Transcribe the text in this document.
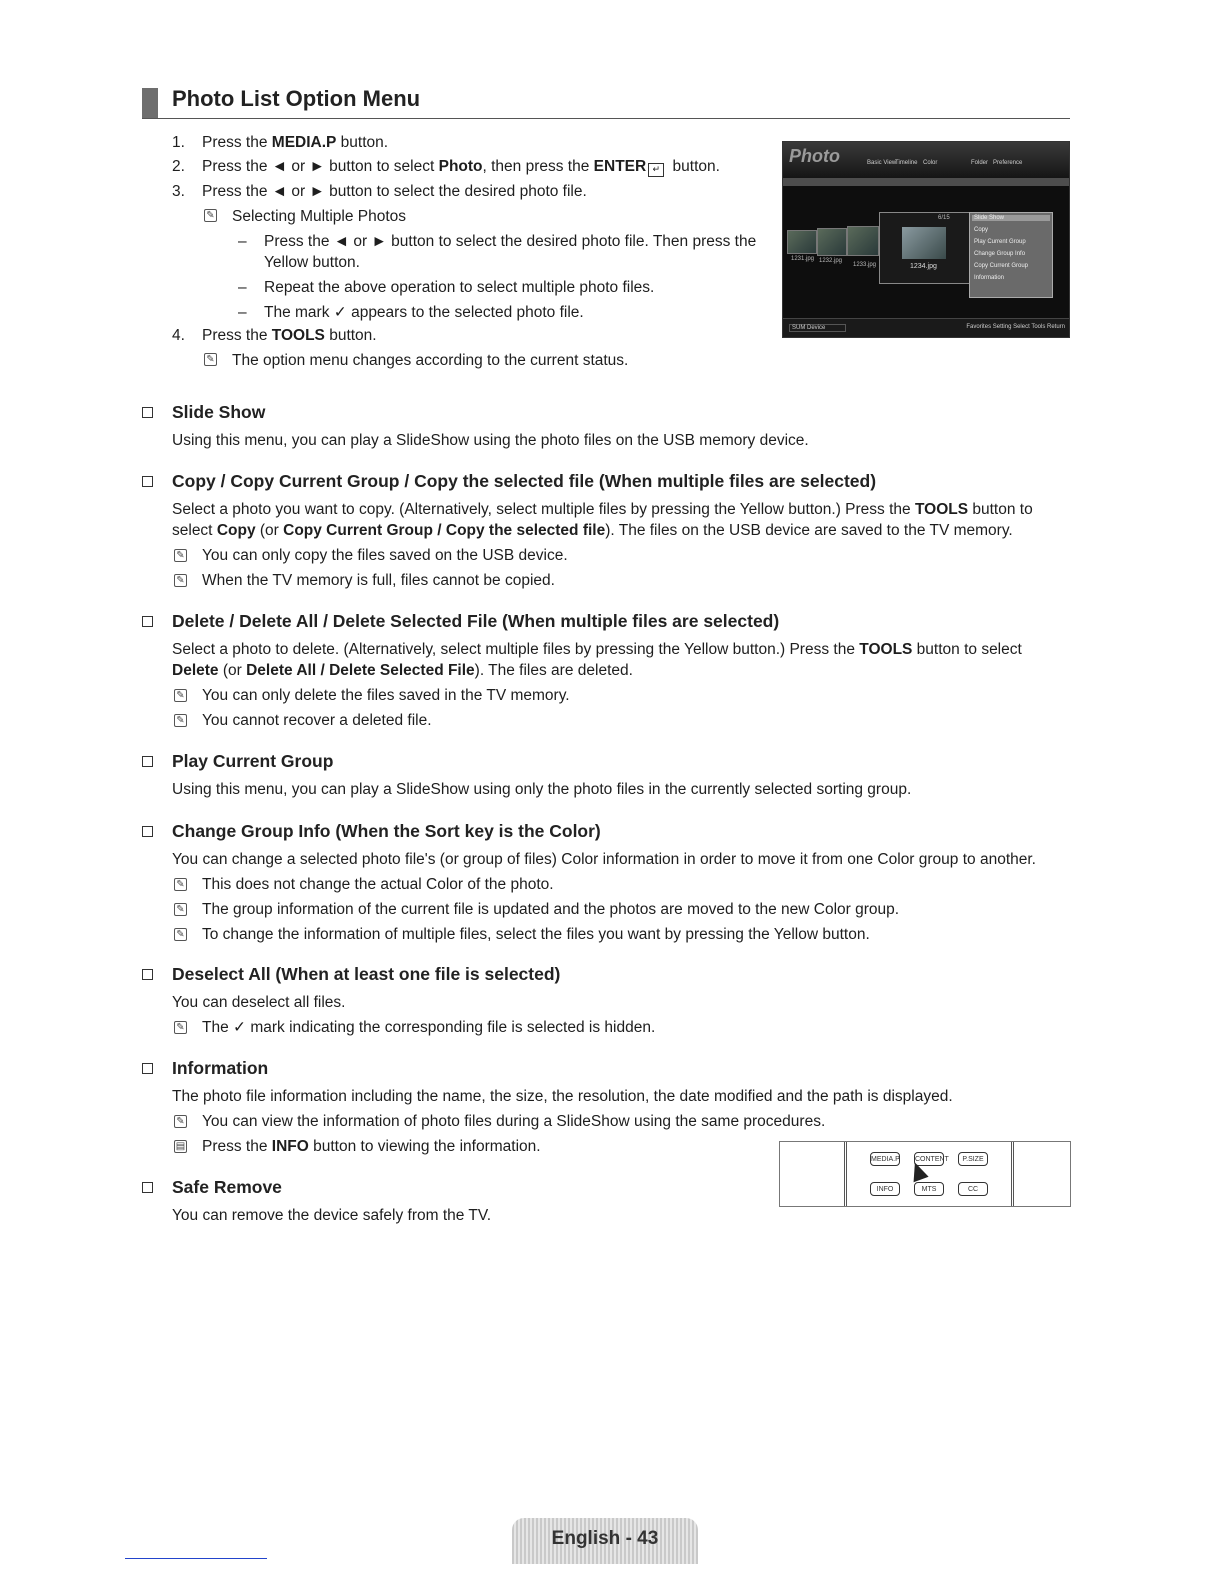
Photo List Option Menu
1.	Press the MEDIA.P button.
2.	Press the ◄ or ► button to select Photo, then press the ENTER ↵ button.
3.	Press the ◄ or ► button to select the desired photo file.
✎ Selecting Multiple Photos
– Press the ◄ or ► button to select the desired photo file. Then press the
Yellow button.
– Repeat the above operation to select multiple photo files.
– The mark ✓ appears to the selected photo file.
4.	Press the TOOLS button.
✎ The option menu changes according to the current status.
Photo	Basic View
Timeline Color	Folder Preference
1231.jpg 1232.jpg
1233.jpg
6/15
1234.jpg
Slide Show
Copy
Play Current Group
Change Group Info
Copy Current Group
Information
SUM Device	Favorites Setting Select Tools Return
Slide Show
Using this menu, you can play a SlideShow using the photo files on the USB memory device.
Copy / Copy Current Group / Copy the selected file (When multiple files are selected)
Select a photo you want to copy. (Alternatively, select multiple files by pressing the Yellow button.) Press the TOOLS button to
select Copy (or Copy Current Group / Copy the selected file). The files on the USB device are saved to the TV memory.
✎ You can only copy the files saved on the USB device.
✎ When the TV memory is full, files cannot be copied.
Delete / Delete All / Delete Selected File (When multiple files are selected)
Select a photo to delete. (Alternatively, select multiple files by pressing the Yellow button.) Press the TOOLS button to select
Delete (or Delete All / Delete Selected File). The files are deleted.
✎ You can only delete the files saved in the TV memory.
✎ You cannot recover a deleted file.
Play Current Group
Using this menu, you can play a SlideShow using only the photo files in the currently selected sorting group.
Change Group Info (When the Sort key is the Color)
You can change a selected photo file's (or group of files) Color information in order to move it from one Color group to another.
✎ This does not change the actual Color of the photo.
✎ The group information of the current file is updated and the photos are moved to the new Color group.
✎ To change the information of multiple files, select the files you want by pressing the Yellow button.
Deselect All (When at least one file is selected)
You can deselect all files.
✎ The ✓ mark indicating the corresponding file is selected is hidden.
Information
The photo file information including the name, the size, the resolution, the date modified and the path is displayed.
✎ You can view the information of photo files during a SlideShow using the same procedures.
▤ Press the INFO button to viewing the information.
Safe Remove
You can remove the device safely from the TV.
MEDIA.P CONTENT	P.SIZE
INFO	MTS	CC
English - 43
